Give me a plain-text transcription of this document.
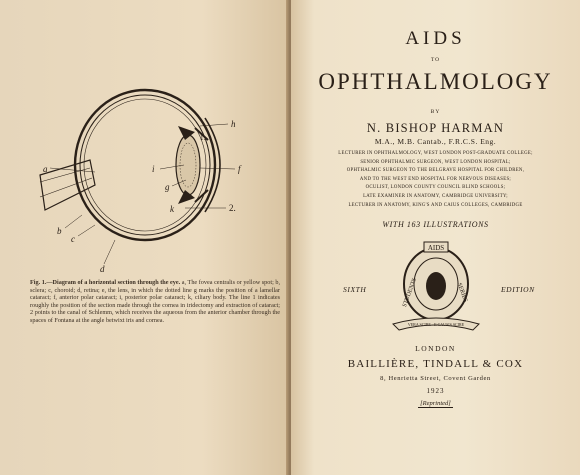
a
b
c
d
i
g
f
h
k	2.
1.
Fig. 1.—Diagram of a horizontal section through the eye. a, The fovea centralis or yellow spot; b, sclera; c, choroid; d, retina; e, the lens, in which the dotted line g marks the position of a lamellar cataract; f, anterior polar cataract; i, posterior polar cataract; k, ciliary body. The line 1 indicates roughly the position of the section made through the cornea in iridectomy and extraction of cataract; 2 points to the canal of Schlemm, which receives the aqueous from the anterior chamber through the spaces of Fontana at the angle betwixt iris and cornea.
AIDS
TO
OPHTHALMOLOGY
BY
N. BISHOP HARMAN
M.A., M.B. Cantab., F.R.C.S. Eng.
LECTURER IN OPHTHALMOLOGY, WEST LONDON POST-GRADUATE COLLEGE;
SENIOR OPHTHALMIC SURGEON, WEST LONDON HOSPITAL;
OPHTHALMIC SURGEON TO THE BELGRAVE HOSPITAL FOR CHILDREN,
AND TO THE WEST END HOSPITAL FOR NERVOUS DISEASES;
OCULIST, LONDON COUNTY COUNCIL BLIND SCHOOLS;
LATE EXAMINER IN ANATOMY, CAMBRIDGE UNIVERSITY;
LECTURER IN ANATOMY, KING'S AND CAIUS COLLEGES, CAMBRIDGE
WITH 163 ILLUSTRATIONS
SIXTH	EDITION
AIDS
STUDENTS	SERIES
VERA SCIRE · E CAUSIS SCIRE
LONDON
BAILLIÈRE, TINDALL & COX
8, Henrietta Street, Covent Garden
1923
[Reprinted]
